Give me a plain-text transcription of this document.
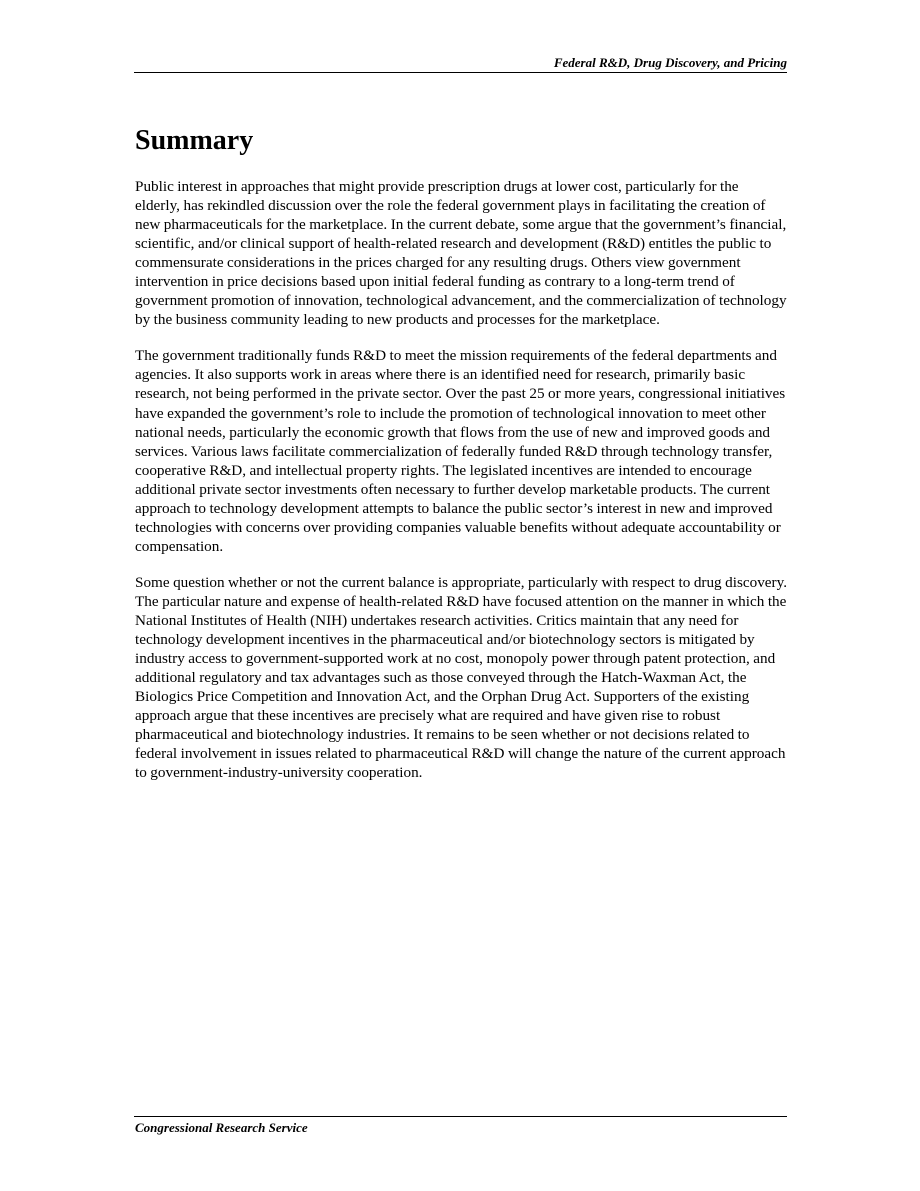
Federal R&D, Drug Discovery, and Pricing
Summary

Public interest in approaches that might provide prescription drugs at lower cost, particularly for the elderly, has rekindled discussion over the role the federal government plays in facilitating the creation of new pharmaceuticals for the marketplace. In the current debate, some argue that the government’s financial, scientific, and/or clinical support of health-related research and development (R&D) entitles the public to commensurate considerations in the prices charged for any resulting drugs. Others view government intervention in price decisions based upon initial federal funding as contrary to a long-term trend of government promotion of innovation, technological advancement, and the commercialization of technology by the business community leading to new products and processes for the marketplace.

The government traditionally funds R&D to meet the mission requirements of the federal departments and agencies. It also supports work in areas where there is an identified need for research, primarily basic research, not being performed in the private sector. Over the past 25 or more years, congressional initiatives have expanded the government’s role to include the promotion of technological innovation to meet other national needs, particularly the economic growth that flows from the use of new and improved goods and services. Various laws facilitate commercialization of federally funded R&D through technology transfer, cooperative R&D, and intellectual property rights. The legislated incentives are intended to encourage additional private sector investments often necessary to further develop marketable products. The current approach to technology development attempts to balance the public sector’s interest in new and improved technologies with concerns over providing companies valuable benefits without adequate accountability or compensation.

Some question whether or not the current balance is appropriate, particularly with respect to drug discovery. The particular nature and expense of health-related R&D have focused attention on the manner in which the National Institutes of Health (NIH) undertakes research activities. Critics maintain that any need for technology development incentives in the pharmaceutical and/or biotechnology sectors is mitigated by industry access to government-supported work at no cost, monopoly power through patent protection, and additional regulatory and tax advantages such as those conveyed through the Hatch-Waxman Act, the Biologics Price Competition and Innovation Act, and the Orphan Drug Act. Supporters of the existing approach argue that these incentives are precisely what are required and have given rise to robust pharmaceutical and biotechnology industries. It remains to be seen whether or not decisions related to federal involvement in issues related to pharmaceutical R&D will change the nature of the current approach to government-industry-university cooperation.

Congressional Research Service
